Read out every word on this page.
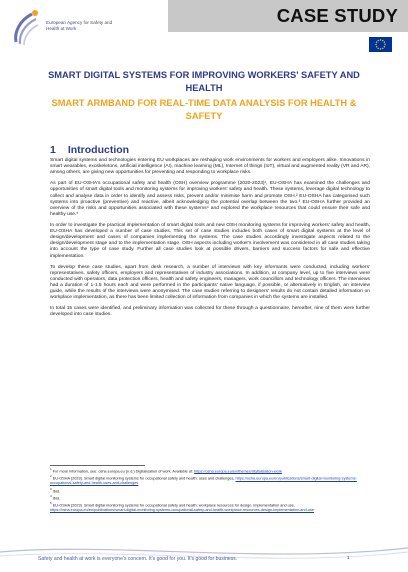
European Agency for Safety and Health at Work
CASE STUDY
SMART DIGITAL SYSTEMS FOR IMPROVING WORKERS' SAFETY AND HEALTH
SMART ARMBAND FOR REAL-TIME DATA ANALYSIS FOR HEALTH & SAFETY
1 Introduction

Smart digital systems and technologies entering EU workplaces are reshaping work environments for workers and employers alike. Innovations in smart wearables, exoskeletons, artificial intelligence (AI), machine learning (ML), Internet of things (IoT), virtual and augmented reality (VR and AR), among others, are giving new opportunities for preventing and responding to workplace risks.

As part of EU-OSHA's occupational safety and health (OSH) overview programme (2020-2023)¹, EU-OSHA has examined the challenges and opportunities of smart digital tools and monitoring systems for improving workers' safety and health. These systems, leverage digital technology to collect and analyse data in order to identify and assess risks, prevent and/or minimise harm and promote OSH.² EU-OSHA has categorised such systems into proactive (preventive) and reactive, albeit acknowledging the potential overlap between the two.³ EU-OSHA further provided an overview of the risks and opportunities associated with these systems⁴ and explored the workplace resources that could ensure their safe and healthy use.⁵

In order to investigate the practical implementation of smart digital tools and new OSH monitoring systems for improving workers' safety and health, EU-OSHA has developed a number of case studies. This set of case studies includes both cases of smart digital systems at the level of design/development and cases of companies implementing the systems. The case studies accordingly investigate aspects related to the design/development stage and to the implementation stage. OSH aspects including worker's involvement was considered in all case studies taking into account the type of case study. Further all case studies look at possible drivers, barriers and success factors for safe and effective implementation.

To develop these case studies, apart from desk research, a number of interviews with key informants were conducted, including workers' representatives, safety officers, employers and representatives of industry associations. In addition, at company level, up to five interviews were conducted with operators, data protection officers, health and safety engineers, managers, work councillors and technology officers. The interviews had a duration of 1-1.5 hours each and were performed in the participants' native language, if possible, or alternatively in English, an interview guide, while the results of the interviews were anonymised. The case studies referring to designers' results do not contain detailed information on workplace implementation, as there has been limited collection of information from companies in which the systems are installed.

In total 15 cases were identified, and preliminary information was collected for these through a questionnaire, hereafter, nine of them were further developed into case studies.

$^1$ For more information, see: osha.europa.eu (n.d.) Digitalisation of work. Available at: https://osha.europa.eu/en/themes/digitalisation-work
$^2$ EU-OSHA (2023). Smart digital monitoring systems for occupational safety and health: uses and challenges, https://osha.europa.eu/en/publications/smart-digital-monitoring-systems-occupational-safety-and-health-uses-and-challenges
$^3$ Ibid.
$^4$ Ibid.
$^5$ EU-OSHA (2023). Smart digital monitoring systems for occupational safety and health: workplace resources for design, implementation and use, https://osha.europa.eu/en/publications/smart-digital-monitoring-systems-occupational-safety-and-health-workplace-resources-design-implementation-and-use
Safety and health at work is everyone's concern. It's good for you. It's good for business.	1
